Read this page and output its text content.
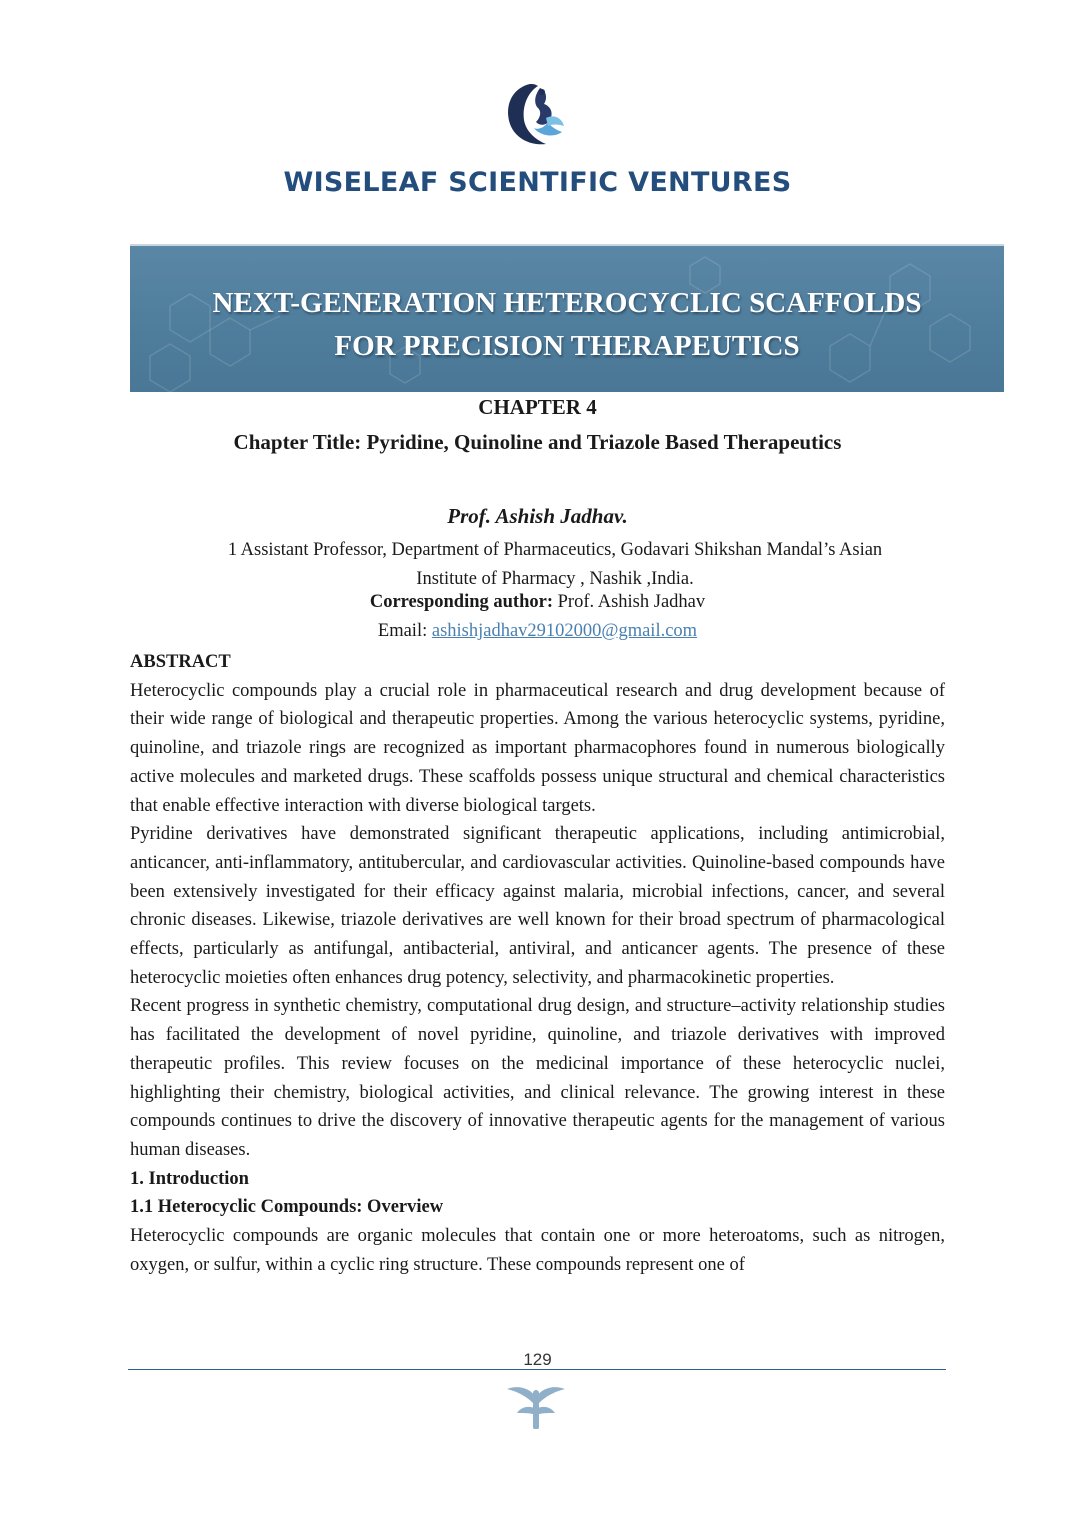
WISELEAF SCIENTIFIC VENTURES
NEXT-GENERATION HETEROCYCLIC SCAFFOLDS
FOR PRECISION THERAPEUTICS
CHAPTER 4
Chapter Title: Pyridine, Quinoline and Triazole Based Therapeutics
Prof. Ashish Jadhav.
1 Assistant Professor, Department of Pharmaceutics, Godavari Shikshan Mandal’s Asian
Institute of Pharmacy , Nashik ,India.
Corresponding author: Prof. Ashish Jadhav
Email: ashishjadhav29102000@gmail.com

ABSTRACT

Heterocyclic compounds play a crucial role in pharmaceutical research and drug development because of their wide range of biological and therapeutic properties. Among the various heterocyclic systems, pyridine, quinoline, and triazole rings are recognized as important pharmacophores found in numerous biologically active molecules and marketed drugs. These scaffolds possess unique structural and chemical characteristics that enable effective interaction with diverse biological targets.

Pyridine derivatives have demonstrated significant therapeutic applications, including antimicrobial, anticancer, anti-inflammatory, antitubercular, and cardiovascular activities. Quinoline-based compounds have been extensively investigated for their efficacy against malaria, microbial infections, cancer, and several chronic diseases. Likewise, triazole derivatives are well known for their broad spectrum of pharmacological effects, particularly as antifungal, antibacterial, antiviral, and anticancer agents. The presence of these heterocyclic moieties often enhances drug potency, selectivity, and pharmacokinetic properties.

Recent progress in synthetic chemistry, computational drug design, and structure–activity relationship studies has facilitated the development of novel pyridine, quinoline, and triazole derivatives with improved therapeutic profiles. This review focuses on the medicinal importance of these heterocyclic nuclei, highlighting their chemistry, biological activities, and clinical relevance. The growing interest in these compounds continues to drive the discovery of innovative therapeutic agents for the management of various human diseases.

1. Introduction

1.1 Heterocyclic Compounds: Overview

Heterocyclic compounds are organic molecules that contain one or more heteroatoms, such as nitrogen, oxygen, or sulfur, within a cyclic ring structure. These compounds represent one of

129
